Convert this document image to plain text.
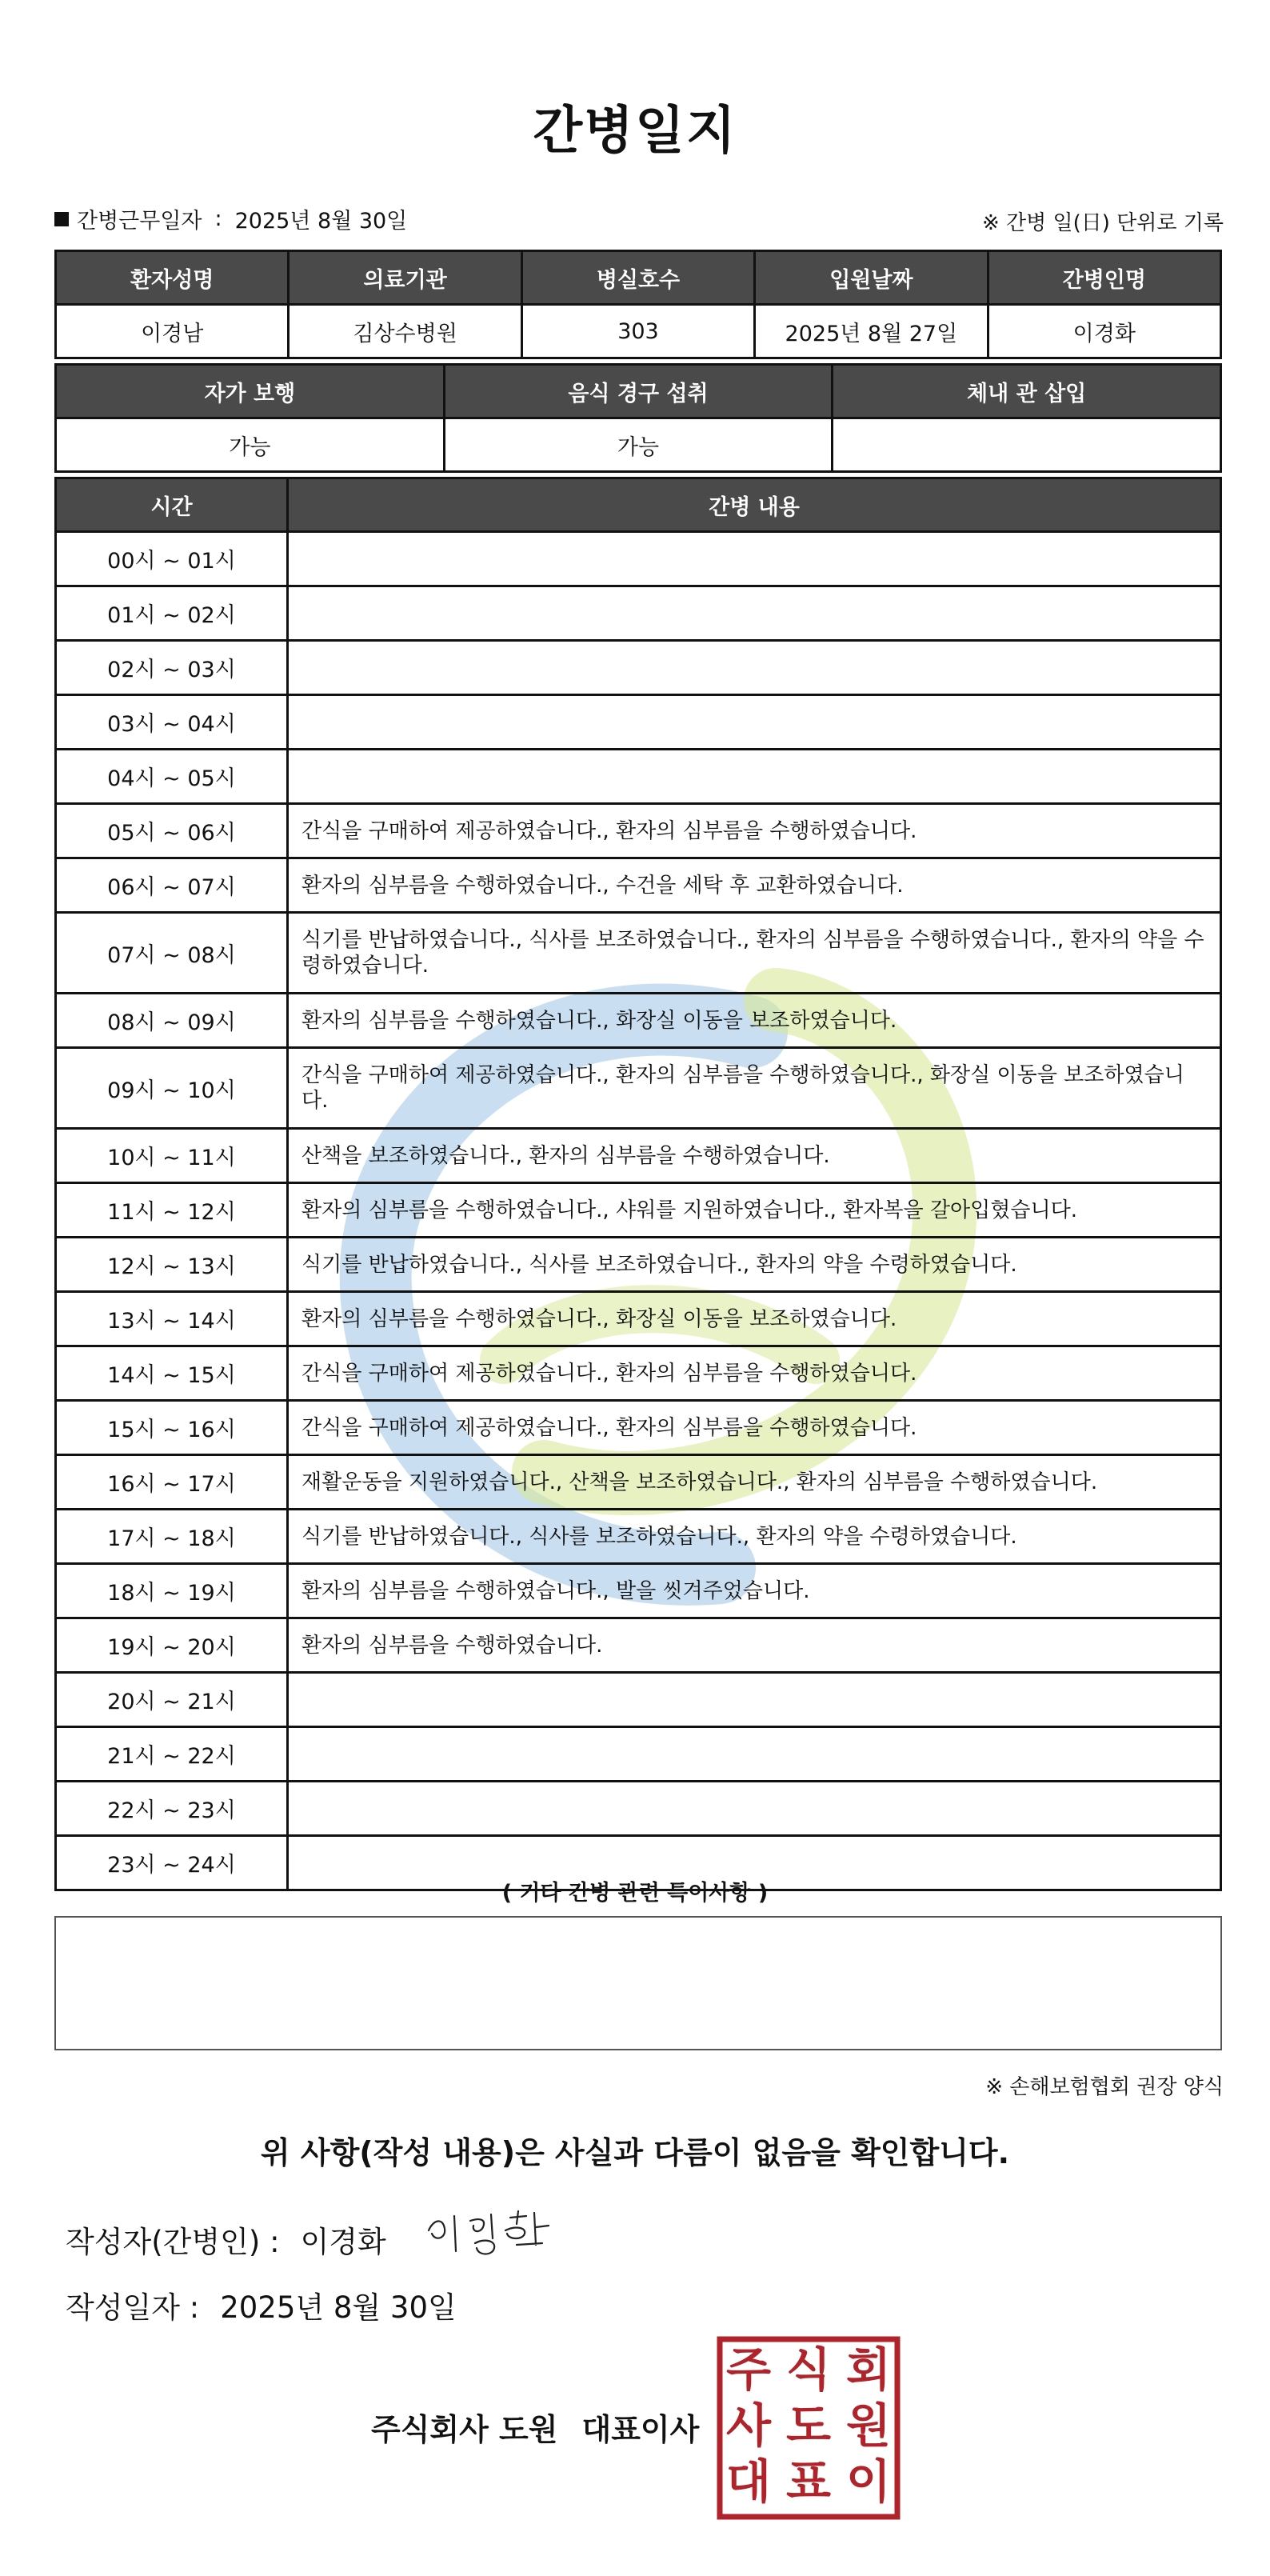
간병일지
간병근무일자 : 2025년 8월 30일	※ 간병 일(日) 단위로 기록
환자성명	의료기관	병실호수	입원날짜	간병인명
이경남	김상수병원	303	2025년 8월 27일	이경화
자가 보행	음식 경구 섭취	체내 관 삽입
가능	가능	
시간	간병 내용
00시 ~ 01시	
01시 ~ 02시	
02시 ~ 03시	
03시 ~ 04시	
04시 ~ 05시	
05시 ~ 06시	간식을 구매하여 제공하였습니다., 환자의 심부름을 수행하였습니다.
06시 ~ 07시	환자의 심부름을 수행하였습니다., 수건을 세탁 후 교환하였습니다.
07시 ~ 08시	식기를 반납하였습니다., 식사를 보조하였습니다., 환자의 심부름을 수행하였습니다., 환자의 약을 수령하였습니다.
08시 ~ 09시	환자의 심부름을 수행하였습니다., 화장실 이동을 보조하였습니다.
09시 ~ 10시	간식을 구매하여 제공하였습니다., 환자의 심부름을 수행하였습니다., 화장실 이동을 보조하였습니다.
10시 ~ 11시	산책을 보조하였습니다., 환자의 심부름을 수행하였습니다.
11시 ~ 12시	환자의 심부름을 수행하였습니다., 샤워를 지원하였습니다., 환자복을 갈아입혔습니다.
12시 ~ 13시	식기를 반납하였습니다., 식사를 보조하였습니다., 환자의 약을 수령하였습니다.
13시 ~ 14시	환자의 심부름을 수행하였습니다., 화장실 이동을 보조하였습니다.
14시 ~ 15시	간식을 구매하여 제공하였습니다., 환자의 심부름을 수행하였습니다.
15시 ~ 16시	간식을 구매하여 제공하였습니다., 환자의 심부름을 수행하였습니다.
16시 ~ 17시	재활운동을 지원하였습니다., 산책을 보조하였습니다., 환자의 심부름을 수행하였습니다.
17시 ~ 18시	식기를 반납하였습니다., 식사를 보조하였습니다., 환자의 약을 수령하였습니다.
18시 ~ 19시	환자의 심부름을 수행하였습니다., 발을 씻겨주었습니다.
19시 ~ 20시	환자의 심부름을 수행하였습니다.
20시 ~ 21시	
21시 ~ 22시	
22시 ~ 23시	
23시 ~ 24시	
( 기타 간병 관련 특이사항 )
※ 손해보험협회 권장 양식
위 사항(작성 내용)은 사실과 다름이 없음을 확인합니다.
작성자(간병인) : 이경화
작성일자 : 2025년 8월 30일
주식회사 도원 대표이사
주 식 회
사 도 원
대 표 이
